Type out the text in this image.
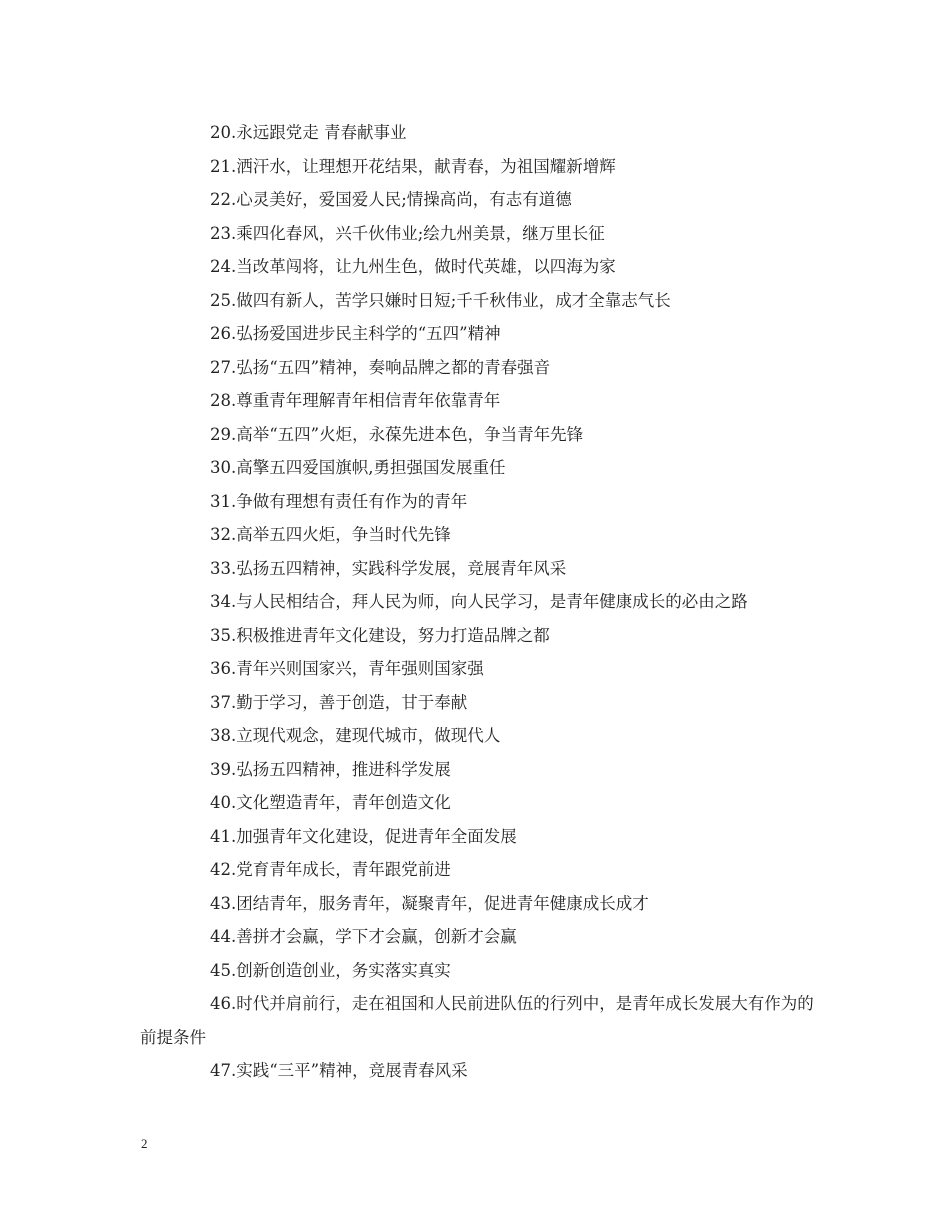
20.永远跟党走 青春献事业

21.洒汗水，让理想开花结果，献青春，为祖国耀新增辉

22.心灵美好，爱国爱人民;情操高尚，有志有道德

23.乘四化春风，兴千伙伟业;绘九州美景，继万里长征

24.当改革闯将，让九州生色，做时代英雄，以四海为家

25.做四有新人，苦学只嫌时日短;千千秋伟业，成才全靠志气长

26.弘扬爱国进步民主科学的“五四”精神

27.弘扬“五四”精神，奏响品牌之都的青春强音

28.尊重青年理解青年相信青年依靠青年

29.高举“五四”火炬，永葆先进本色，争当青年先锋

30.高擎五四爱国旗帜,勇担强国发展重任

31.争做有理想有责任有作为的青年

32.高举五四火炬，争当时代先锋

33.弘扬五四精神，实践科学发展，竞展青年风采

34.与人民相结合，拜人民为师，向人民学习，是青年健康成长的必由之路

35.积极推进青年文化建设，努力打造品牌之都

36.青年兴则国家兴，青年强则国家强

37.勤于学习，善于创造，甘于奉献

38.立现代观念，建现代城市，做现代人

39.弘扬五四精神，推进科学发展

40.文化塑造青年，青年创造文化

41.加强青年文化建设，促进青年全面发展

42.党育青年成长，青年跟党前进

43.团结青年，服务青年，凝聚青年，促进青年健康成长成才

44.善拼才会赢，学下才会赢，创新才会赢

45.创新创造创业，务实落实真实

46.时代并肩前行，走在祖国和人民前进队伍的行列中，是青年成长发展大有作为的前提条件

47.实践“三平”精神，竞展青春风采

2
